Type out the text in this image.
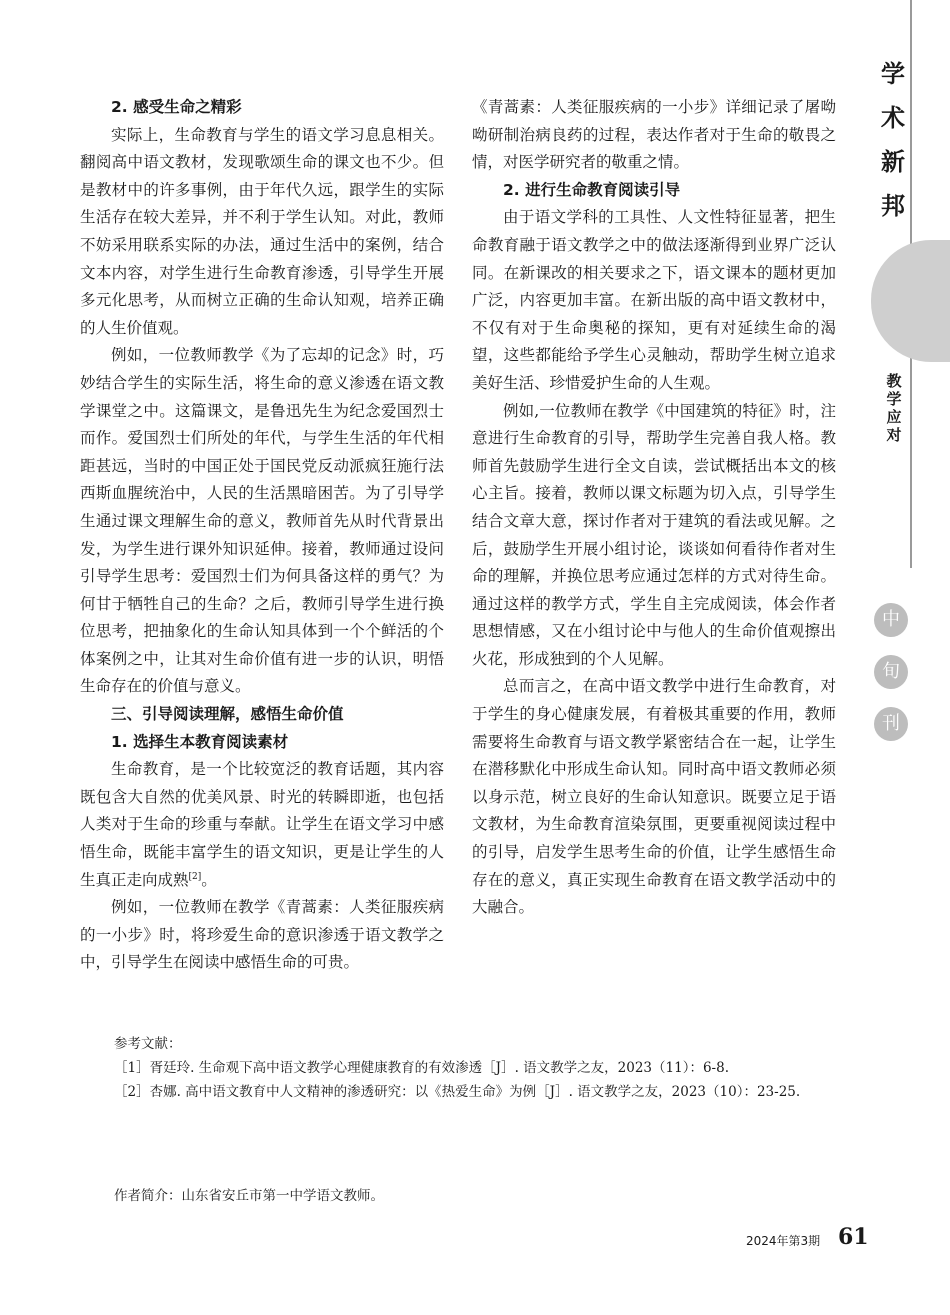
2. 感受生命之精彩

实际上，生命教育与学生的语文学习息息相关。翻阅高中语文教材，发现歌颂生命的课文也不少。但是教材中的许多事例，由于年代久远，跟学生的实际生活存在较大差异，并不利于学生认知。对此，教师不妨采用联系实际的办法，通过生活中的案例，结合文本内容，对学生进行生命教育渗透，引导学生开展多元化思考，从而树立正确的生命认知观，培养正确的人生价值观。

例如，一位教师教学《为了忘却的记念》时，巧妙结合学生的实际生活，将生命的意义渗透在语文教学课堂之中。这篇课文，是鲁迅先生为纪念爱国烈士而作。爱国烈士们所处的年代，与学生生活的年代相距甚远，当时的中国正处于国民党反动派疯狂施行法西斯血腥统治中，人民的生活黑暗困苦。为了引导学生通过课文理解生命的意义，教师首先从时代背景出发，为学生进行课外知识延伸。接着，教师通过设问引导学生思考：爱国烈士们为何具备这样的勇气？为何甘于牺牲自己的生命？之后，教师引导学生进行换位思考，把抽象化的生命认知具体到一个个鲜活的个体案例之中，让其对生命价值有进一步的认识，明悟生命存在的价值与意义。

三、引导阅读理解，感悟生命价值
1. 选择生本教育阅读素材

生命教育，是一个比较宽泛的教育话题，其内容既包含大自然的优美风景、时光的转瞬即逝，也包括人类对于生命的珍重与奉献。让学生在语文学习中感悟生命，既能丰富学生的语文知识，更是让学生的人生真正走向成熟[2]。

例如，一位教师在教学《青蒿素：人类征服疾病的一小步》时，将珍爱生命的意识渗透于语文教学之中，引导学生在阅读中感悟生命的可贵。

《青蒿素：人类征服疾病的一小步》详细记录了屠呦呦研制治病良药的过程，表达作者对于生命的敬畏之情，对医学研究者的敬重之情。

2. 进行生命教育阅读引导

由于语文学科的工具性、人文性特征显著，把生命教育融于语文教学之中的做法逐渐得到业界广泛认同。在新课改的相关要求之下，语文课本的题材更加广泛，内容更加丰富。在新出版的高中语文教材中，不仅有对于生命奥秘的探知，更有对延续生命的渴望，这些都能给予学生心灵触动，帮助学生树立追求美好生活、珍惜爱护生命的人生观。

例如,一位教师在教学《中国建筑的特征》时，注意进行生命教育的引导，帮助学生完善自我人格。教师首先鼓励学生进行全文自读，尝试概括出本文的核心主旨。接着，教师以课文标题为切入点，引导学生结合文章大意，探讨作者对于建筑的看法或见解。之后，鼓励学生开展小组讨论，谈谈如何看待作者对生命的理解，并换位思考应通过怎样的方式对待生命。通过这样的教学方式，学生自主完成阅读，体会作者思想情感，又在小组讨论中与他人的生命价值观擦出火花，形成独到的个人见解。

总而言之，在高中语文教学中进行生命教育，对于学生的身心健康发展，有着极其重要的作用，教师需要将生命教育与语文教学紧密结合在一起，让学生在潜移默化中形成生命认知。同时高中语文教师必须以身示范，树立良好的生命认知意识。既要立足于语文教材，为生命教育渲染氛围，更要重视阅读过程中的引导，启发学生思考生命的价值，让学生感悟生命存在的意义，真正实现生命教育在语文教学活动中的大融合。

参考文献：

［1］胥廷玲. 生命观下高中语文教学心理健康教育的有效渗透［J］. 语文教学之友，2023（11）：6-8.

［2］杏娜. 高中语文教育中人文精神的渗透研究：以《热爱生命》为例［J］. 语文教学之友，2023（10）：23-25.

作者简介：山东省安丘市第一中学语文教师。
学
术
新
邦
教学应对
中
旬
刊
2024年第3期 61
